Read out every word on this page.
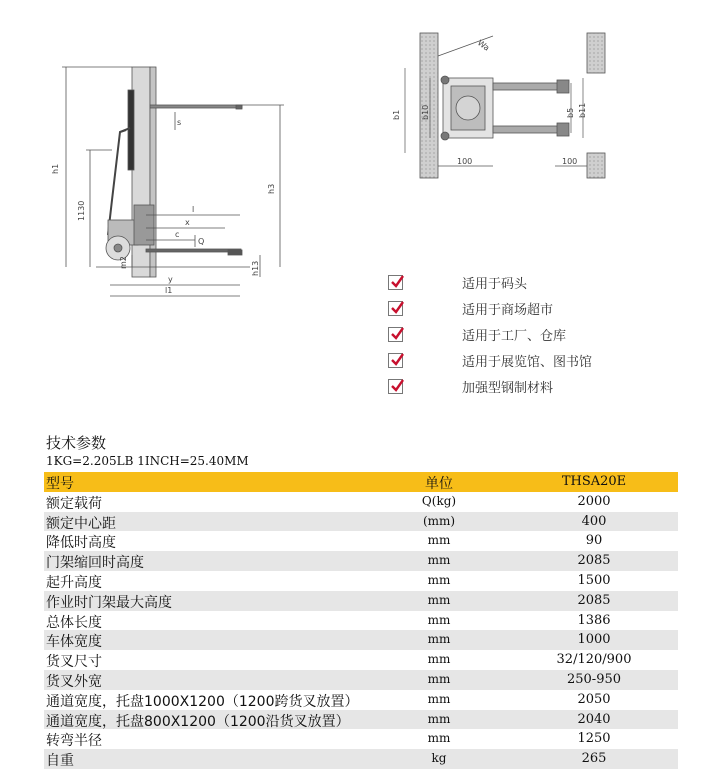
h1
1130
h3
s
l
x
c
Q
m2	h13
y
l1
Wa
b1	b10	b5 b11
100	100
适用于码头
适用于商场超市
适用于工厂、仓库
适用于展览馆、图书馆
加强型钢制材料
技术参数
1KG=2.205LB 1INCH=25.40MM
型号	单位	THSA20E
额定载荷	Q(kg)	2000
额定中心距	(mm)	400
降低时高度	mm	90
门架缩回时高度	mm	2085
起升高度	mm	1500
作业时门架最大高度	mm	2085
总体长度	mm	1386
车体宽度	mm	1000
货叉尺寸	mm	32/120/900
货叉外宽	mm	250-950
通道宽度，托盘1000X1200（1200跨货叉放置）	mm	2050
通道宽度，托盘800X1200（1200沿货叉放置）	mm	2040
转弯半径	mm	1250
自重	kg	265
